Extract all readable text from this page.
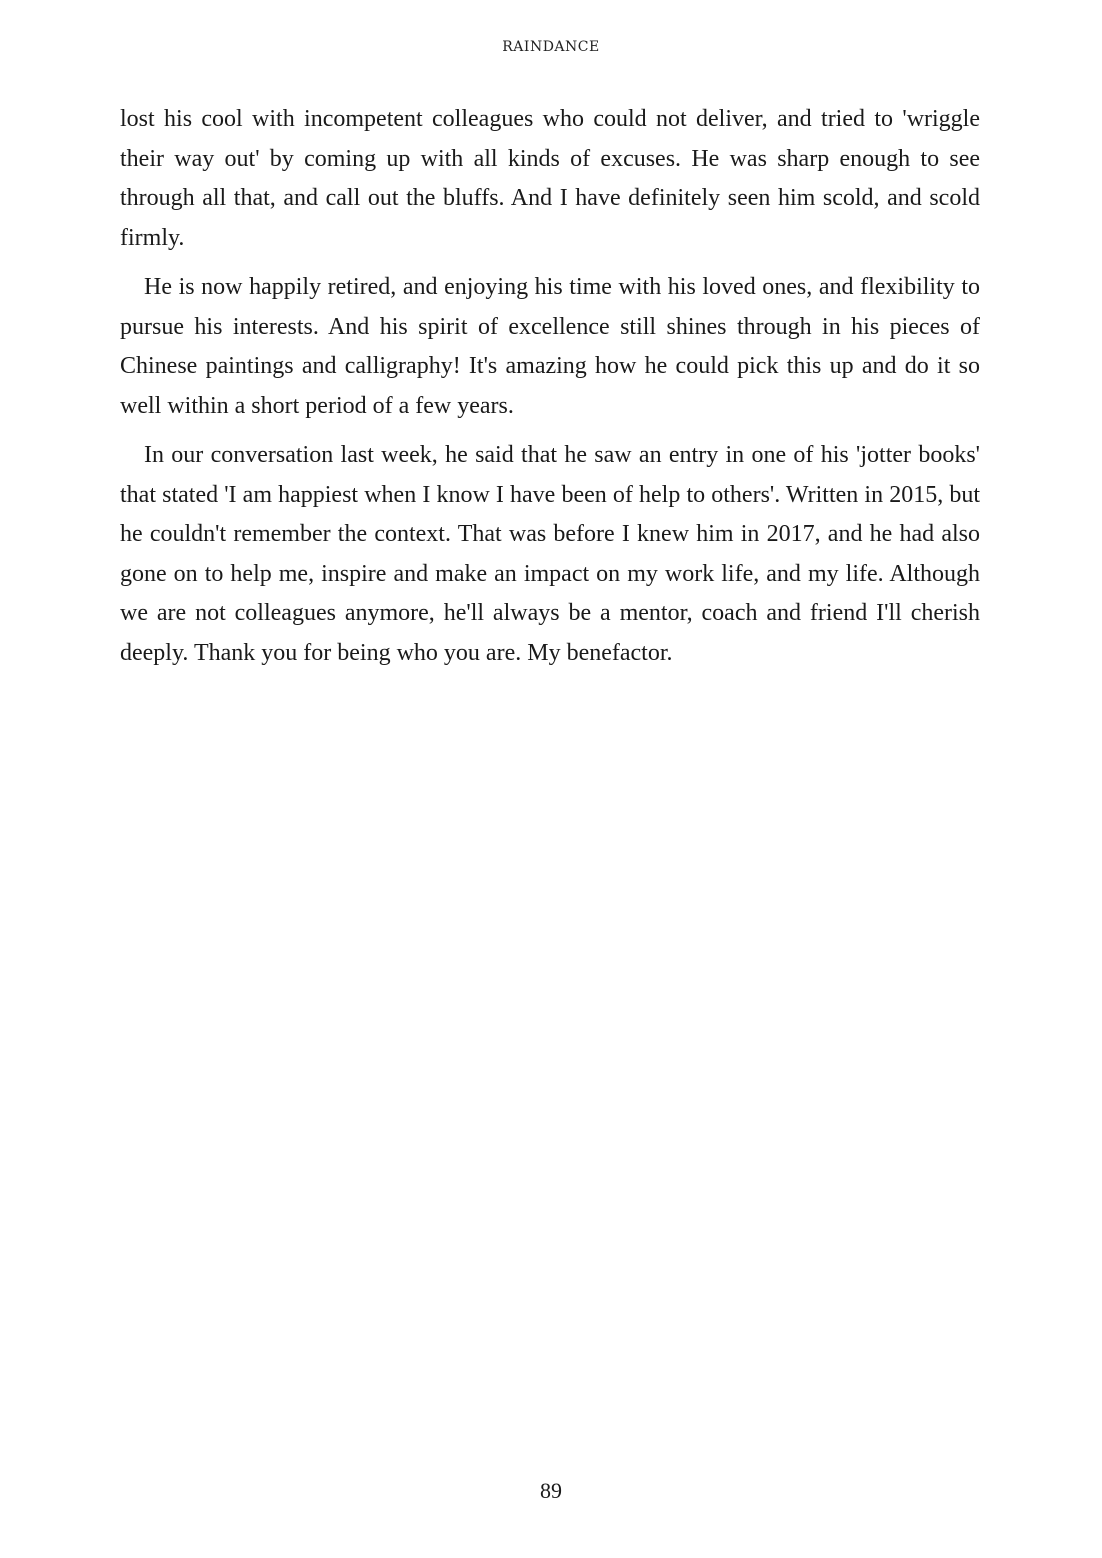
RAINDANCE

lost his cool with incompetent colleagues who could not deliver, and tried to 'wriggle their way out' by coming up with all kinds of excuses. He was sharp enough to see through all that, and call out the bluffs. And I have definitely seen him scold, and scold firmly.

He is now happily retired, and enjoying his time with his loved ones, and flexibility to pursue his interests. And his spirit of excellence still shines through in his pieces of Chinese paintings and calligraphy! It's amazing how he could pick this up and do it so well within a short period of a few years.

In our conversation last week, he said that he saw an entry in one of his 'jotter books' that stated 'I am happiest when I know I have been of help to others'. Written in 2015, but he couldn't remember the context. That was before I knew him in 2017, and he had also gone on to help me, inspire and make an impact on my work life, and my life. Although we are not colleagues anymore, he'll always be a mentor, coach and friend I'll cherish deeply. Thank you for being who you are. My benefactor.

89
